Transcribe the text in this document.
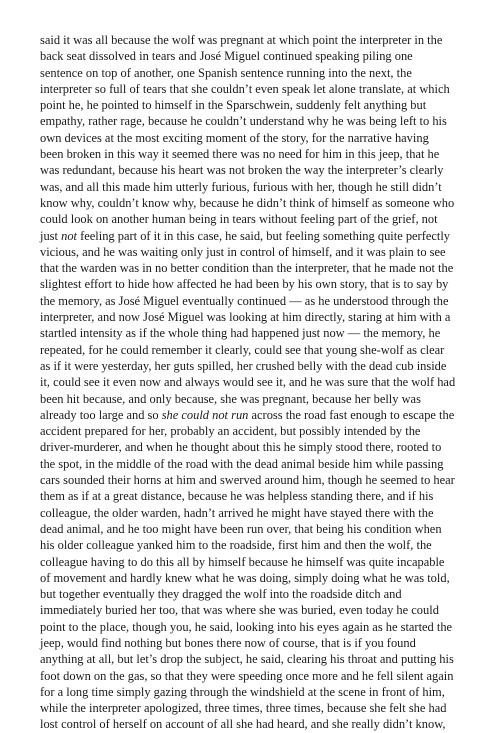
said it was all because the wolf was pregnant at which point the interpreter in the
back seat dissolved in tears and José Miguel continued speaking piling one
sentence on top of another, one Spanish sentence running into the next, the
interpreter so full of tears that she couldn’t even speak let alone translate, at which
point he, he pointed to himself in the Sparschwein, suddenly felt anything but
empathy, rather rage, because he couldn’t understand why he was being left to his
own devices at the most exciting moment of the story, for the narrative having
been broken in this way it seemed there was no need for him in this jeep, that he
was redundant, because his heart was not broken the way the interpreter’s clearly
was, and all this made him utterly furious, furious with her, though he still didn’t
know why, couldn’t know why, because he didn’t think of himself as someone who
could look on another human being in tears without feeling part of the grief, not
just not feeling part of it in this case, he said, but feeling something quite perfectly
vicious, and he was waiting only just in control of himself, and it was plain to see
that the warden was in no better condition than the interpreter, that he made not the
slightest effort to hide how affected he had been by his own story, that is to say by
the memory, as José Miguel eventually continued — as he understood through the
interpreter, and now José Miguel was looking at him directly, staring at him with a
startled intensity as if the whole thing had happened just now — the memory, he
repeated, for he could remember it clearly, could see that young she-wolf as clear
as if it were yesterday, her guts spilled, her crushed belly with the dead cub inside
it, could see it even now and always would see it, and he was sure that the wolf had
been hit because, and only because, she was pregnant, because her belly was
already too large and so she could not run across the road fast enough to escape the
accident prepared for her, probably an accident, but possibly intended by the
driver-murderer, and when he thought about this he simply stood there, rooted to
the spot, in the middle of the road with the dead animal beside him while passing
cars sounded their horns at him and swerved around him, though he seemed to hear
them as if at a great distance, because he was helpless standing there, and if his
colleague, the older warden, hadn’t arrived he might have stayed there with the
dead animal, and he too might have been run over, that being his condition when
his older colleague yanked him to the roadside, first him and then the wolf, the
colleague having to do this all by himself because he himself was quite incapable
of movement and hardly knew what he was doing, simply doing what he was told,
but together eventually they dragged the wolf into the roadside ditch and
immediately buried her too, that was where she was buried, even today he could
point to the place, though you, he said, looking into his eyes again as he started the
jeep, would find nothing but bones there now of course, that is if you found
anything at all, but let’s drop the subject, he said, clearing his throat and putting his
foot down on the gas, so that they were speeding once more and he fell silent again
for a long time simply gazing through the windshield at the scene in front of him,
while the interpreter apologized, three times, three times, because she felt she had
lost control of herself on account of all she had heard, and she really didn’t know,
